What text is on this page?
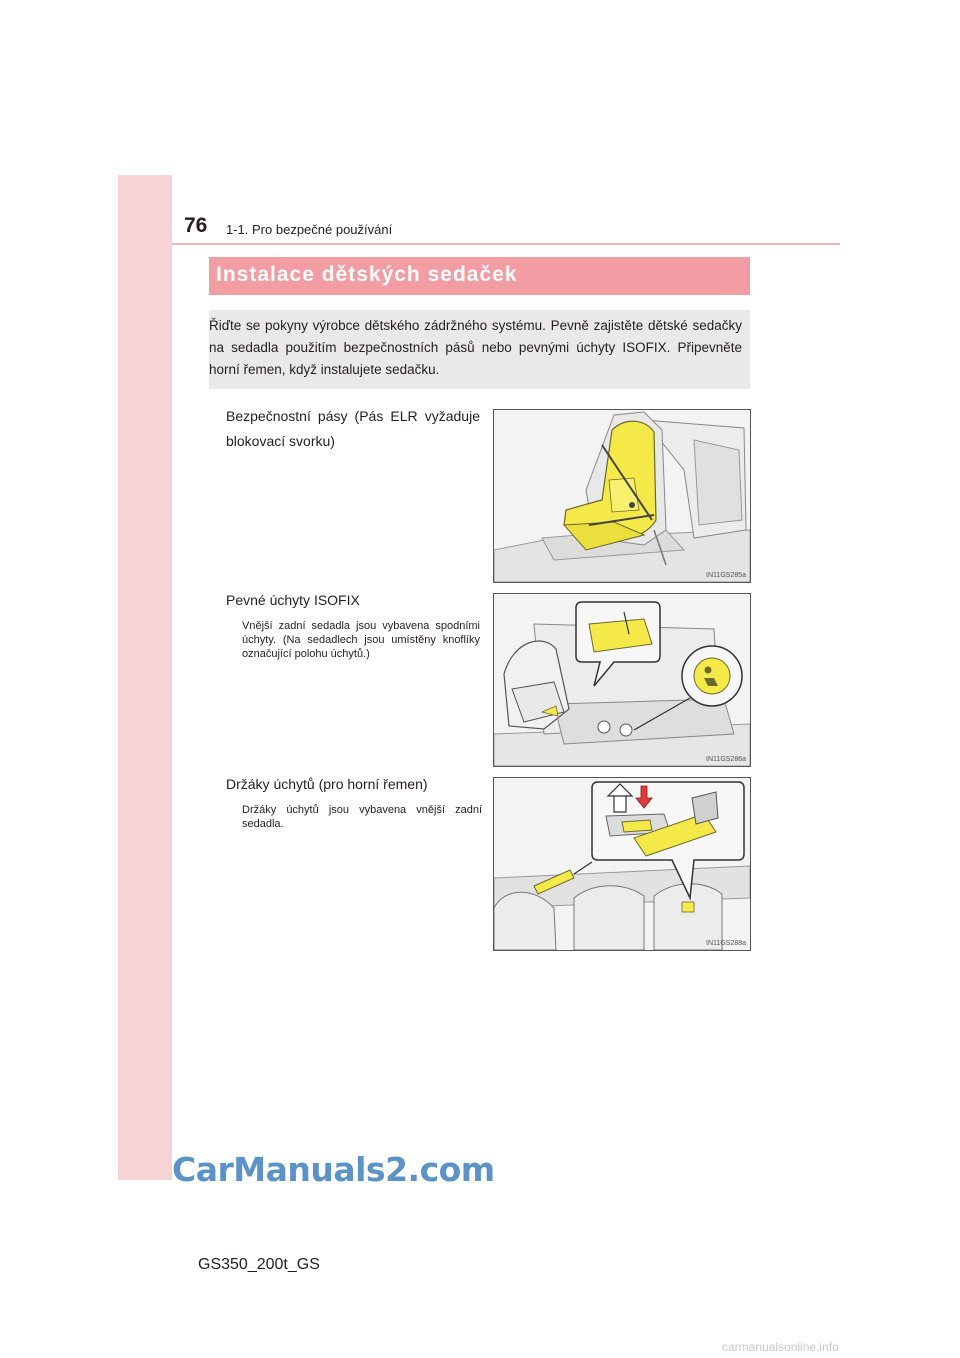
76 1-1. Pro bezpečné používání
Instalace dětských sedaček
Řiďte se pokyny výrobce dětského zádržného systému. Pevně zajistěte dětské sedačky na sedadla použitím bezpečnostních pásů nebo pevnými úchyty ISOFIX. Připevněte horní řemen, když instalujete sedačku.
Bezpečnostní pásy (Pás ELR vyžaduje blokovací svorku)
IN11GS285a
Pevné úchyty ISOFIX
Vnější zadní sedadla jsou vybavena spodními úchyty. (Na sedadlech jsou umístěny knoflíky označující polohu úchytů.)
IN11GS286a
Držáky úchytů (pro horní řemen)
Držáky úchytů jsou vybavena vnější zadní sedadla.
IN11GS288a
CarManuals2.com
GS350_200t_GS
carmanualsonline.info
